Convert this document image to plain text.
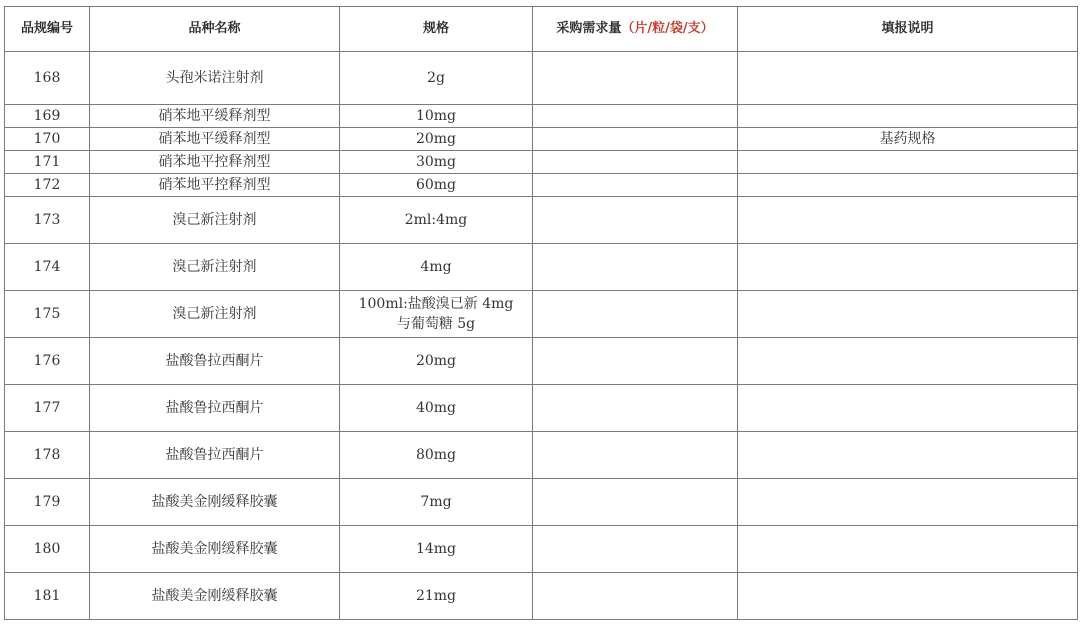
品规编号	品种名称	规格	采购需求量（片/粒/袋/支）	填报说明
168	头孢米诺注射剂	2g		
169	硝苯地平缓释剂型	10mg		
170	硝苯地平缓释剂型	20mg		基药规格
171	硝苯地平控释剂型	30mg		
172	硝苯地平控释剂型	60mg		
173	溴己新注射剂	2ml:4mg		
174	溴己新注射剂	4mg		
175	溴己新注射剂	100ml:盐酸溴已新 4mg
与葡萄糖 5g		

176	盐酸鲁拉西酮片	20mg		
177	盐酸鲁拉西酮片	40mg		
178	盐酸鲁拉西酮片	80mg		
179	盐酸美金刚缓释胶囊	7mg		
180	盐酸美金刚缓释胶囊	14mg		
181	盐酸美金刚缓释胶囊	21mg		
